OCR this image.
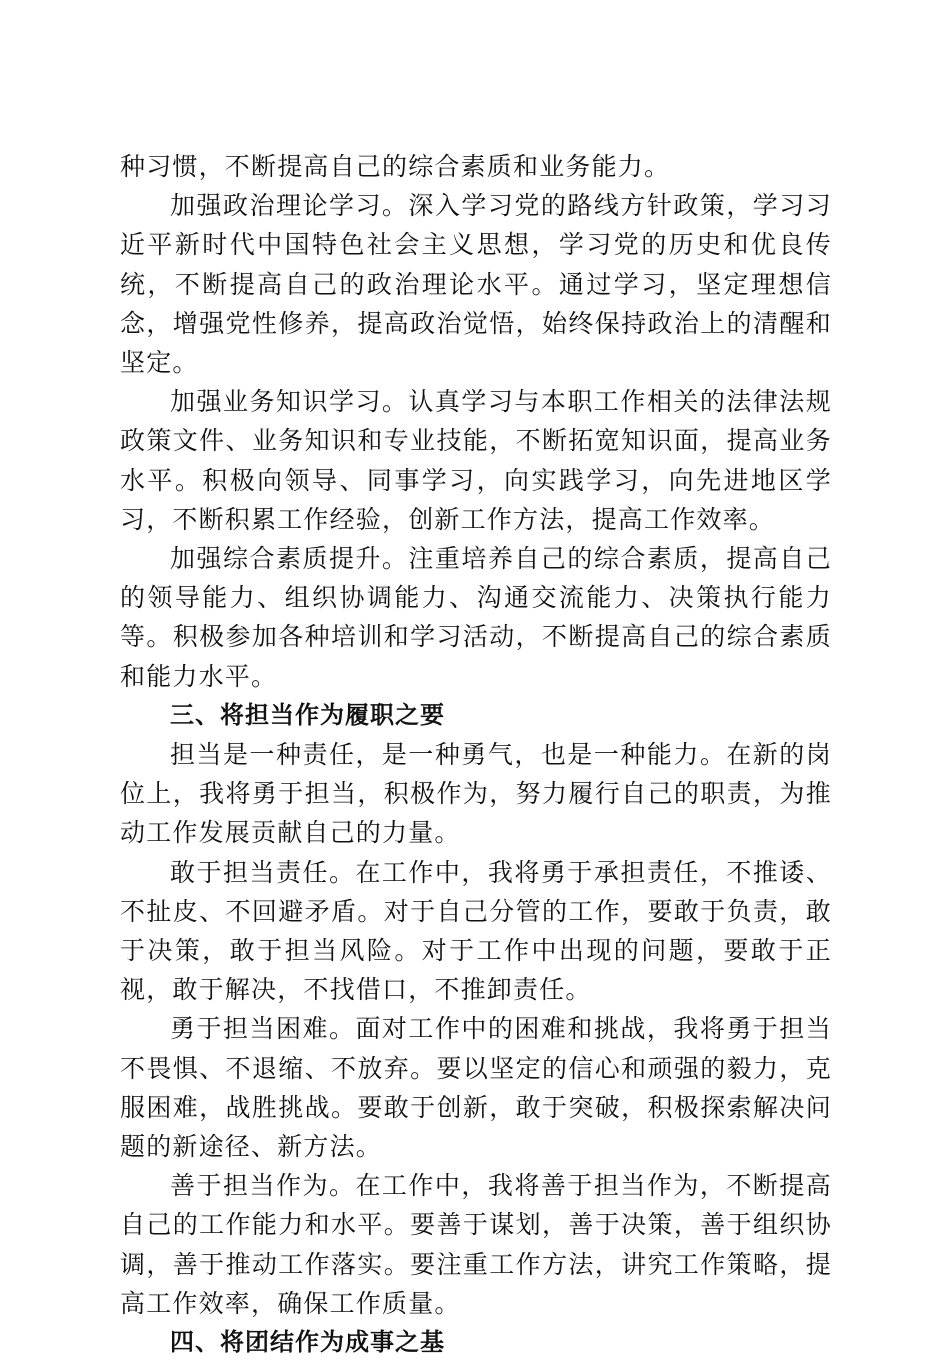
种习惯，不断提高自己的综合素质和业务能力。

加强政治理论学习。深入学习党的路线方针政策，学习习近平新时代中国特色社会主义思想，学习党的历史和优良传统，不断提高自己的政治理论水平。通过学习，坚定理想信念，增强党性修养，提高政治觉悟，始终保持政治上的清醒和坚定。

加强业务知识学习。认真学习与本职工作相关的法律法规政策文件、业务知识和专业技能，不断拓宽知识面，提高业务水平。积极向领导、同事学习，向实践学习，向先进地区学习，不断积累工作经验，创新工作方法，提高工作效率。

加强综合素质提升。注重培养自己的综合素质，提高自己的领导能力、组织协调能力、沟通交流能力、决策执行能力等。积极参加各种培训和学习活动，不断提高自己的综合素质和能力水平。

三、将担当作为履职之要

担当是一种责任，是一种勇气，也是一种能力。在新的岗位上，我将勇于担当，积极作为，努力履行自己的职责，为推动工作发展贡献自己的力量。

敢于担当责任。在工作中，我将勇于承担责任，不推诿、不扯皮、不回避矛盾。对于自己分管的工作，要敢于负责，敢于决策，敢于担当风险。对于工作中出现的问题，要敢于正视，敢于解决，不找借口，不推卸责任。

勇于担当困难。面对工作中的困难和挑战，我将勇于担当不畏惧、不退缩、不放弃。要以坚定的信心和顽强的毅力，克服困难，战胜挑战。要敢于创新，敢于突破，积极探索解决问题的新途径、新方法。

善于担当作为。在工作中，我将善于担当作为，不断提高自己的工作能力和水平。要善于谋划，善于决策，善于组织协调，善于推动工作落实。要注重工作方法，讲究工作策略，提高工作效率，确保工作质量。

四、将团结作为成事之基
